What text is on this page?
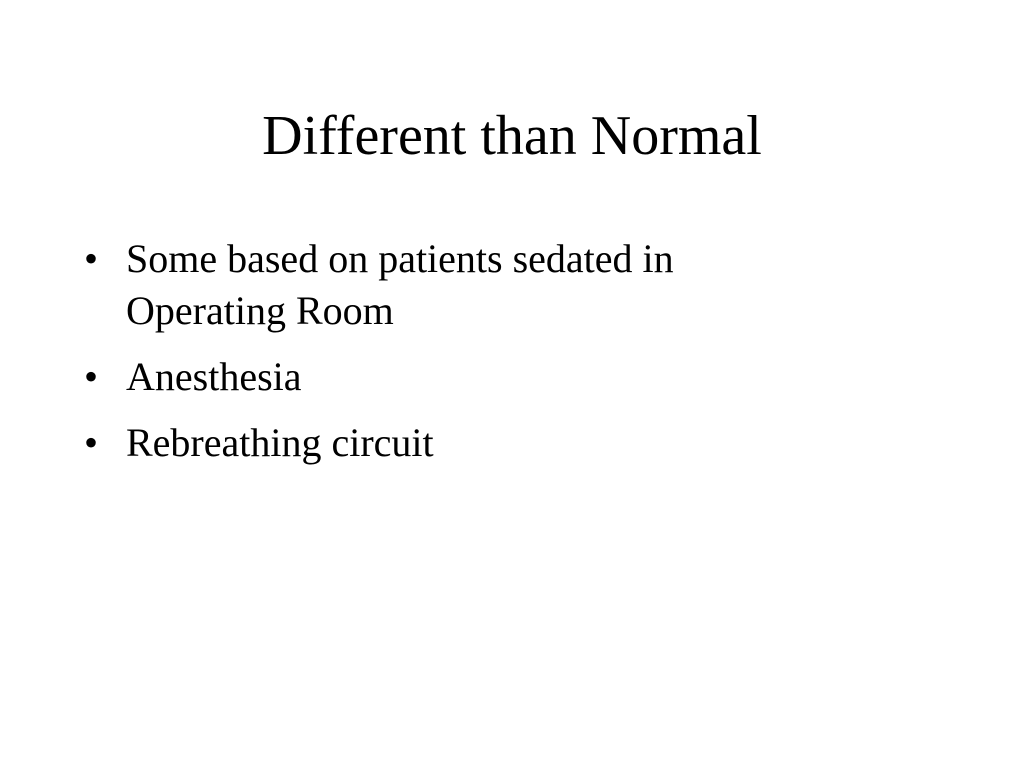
Different than Normal
• Some based on patients sedated in Operating Room
• Anesthesia
• Rebreathing circuit
